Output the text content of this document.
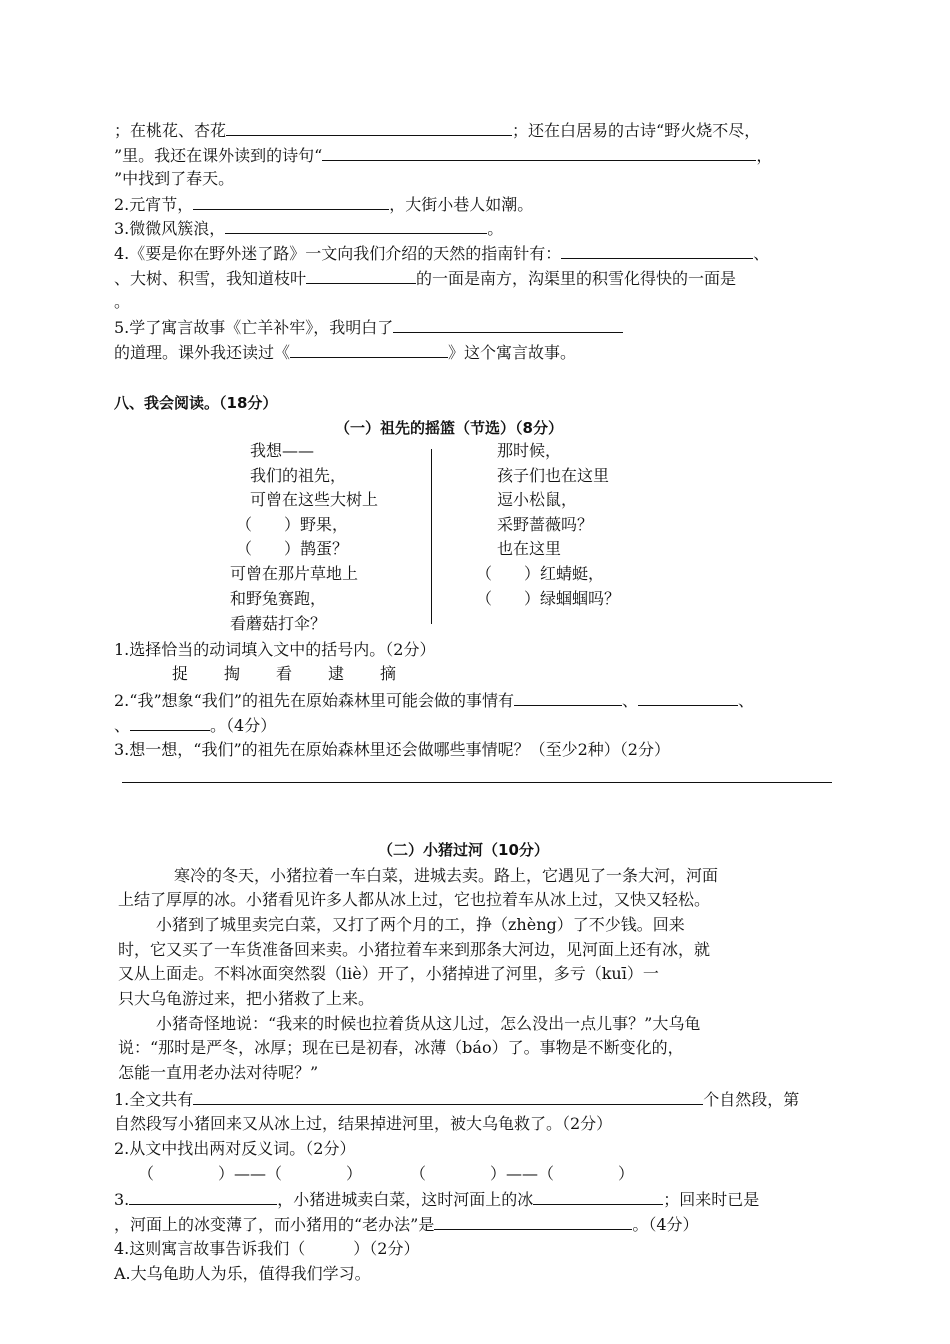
；在桃花、杏花	；还在白居易的古诗“野火烧不尽，
”里。我还在课外读到的诗句“	，
”中找到了春天。
2.元宵节，	，大街小巷人如潮。
3.微微风簇浪，	。
4.《要是你在野外迷了路》一文向我们介绍的天然的指南针有：	、
、大树、积雪，我知道枝叶	的一面是南方，沟渠里的积雪化得快的一面是
。
5.学了寓言故事《亡羊补牢》，我明白了
的道理。课外我还读过《	》这个寓言故事。
八、我会阅读。（18分）
（一）祖先的摇篮（节选）（8分）
我想——
我们的祖先，
可曾在这些大树上
（　　）野果，
（　　）鹊蛋？
可曾在那片草地上
和野兔赛跑，
看蘑菇打伞？
那时候，
孩子们也在这里
逗小松鼠，
采野蔷薇吗？
也在这里
（　　）红蜻蜓，
（　　）绿蝈蝈吗？
1.选择恰当的动词填入文中的括号内。（2分）
捉 掏 看 逮 摘
2.“我”想象“我们”的祖先在原始森林里可能会做的事情有	、	、
、	。（4分）
3.想一想，“我们”的祖先在原始森林里还会做哪些事情呢？（至少2种）（2分）
（二）小猪过河（10分）
寒冷的冬天，小猪拉着一车白菜，进城去卖。路上，它遇见了一条大河，河面
上结了厚厚的冰。小猪看见许多人都从冰上过，它也拉着车从冰上过，又快又轻松。
小猪到了城里卖完白菜，又打了两个月的工，挣（zhèng）了不少钱。回来
时，它又买了一车货准备回来卖。小猪拉着车来到那条大河边，见河面上还有冰，就
又从上面走。不料冰面突然裂（liè）开了，小猪掉进了河里，多亏（kuī）一
只大乌龟游过来，把小猪救了上来。
小猪奇怪地说：“我来的时候也拉着货从这儿过，怎么没出一点儿事？”大乌龟
说：“那时是严冬，冰厚；现在已是初春，冰薄（báo）了。事物是不断变化的，
怎能一直用老办法对待呢？”
1.全文共有	个自然段，第
自然段写小猪回来又从冰上过，结果掉进河里，被大乌龟救了。（2分）
2.从文中找出两对反义词。（2分）
（　　　　）——（　　　　）　　　　（　　　　）——（　　　　）
3.	，小猪进城卖白菜，这时河面上的冰	；回来时已是
，河面上的冰变薄了，而小猪用的“老办法”是	。（4分）
4.这则寓言故事告诉我们（　　　）（2分）
A.大乌龟助人为乐，值得我们学习。
